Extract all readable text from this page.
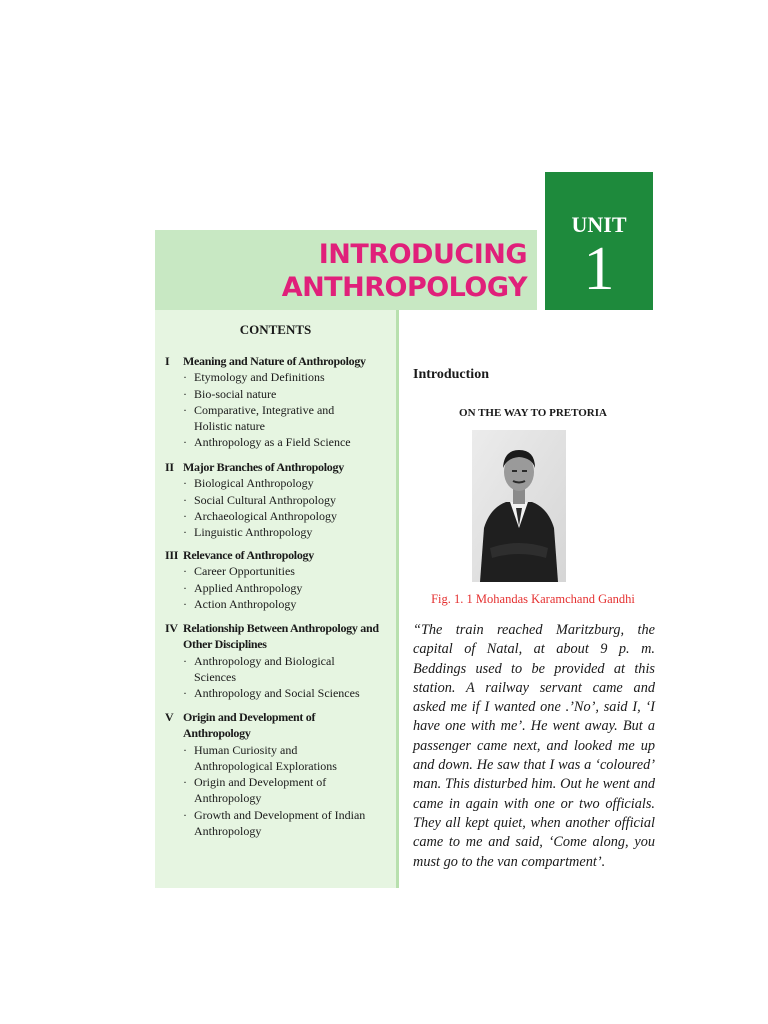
UNIT
1
INTRODUCING
ANTHROPOLOGY
CONTENTS
I	Meaning and Nature of Anthropology
· Etymology and Definitions
· Bio-social nature
· Comparative, Integrative and Holistic nature
· Anthropology as a Field Science
II Major Branches of Anthropology
· Biological Anthropology
· Social Cultural Anthropology
· Archaeological Anthropology
· Linguistic Anthropology
III Relevance of Anthropology
· Career Opportunities
· Applied Anthropology
· Action Anthropology
IV Relationship Between Anthropology and Other Disciplines
· Anthropology and Biological Sciences
· Anthropology and Social Sciences
V Origin and Development of Anthropology
· Human Curiosity and Anthropological Explorations
· Origin and Development of Anthropology
· Growth and Development of Indian Anthropology
Introduction
ON THE WAY TO PRETORIA
Fig. 1. 1 Mohandas Karamchand Gandhi
“The train reached Maritzburg, the capital of Natal, at about 9 p. m. Beddings used to be provided at this station. A railway servant came and asked me if I wanted one .’No’, said I, ‘I have one with me’. He went away. But a passenger came next, and looked me up and down. He saw that I was a ‘coloured’ man. This disturbed him. Out he went and came in again with one or two officials. They all kept quiet, when another official came to me and said, ‘Come along, you must go to the van compartment’.
